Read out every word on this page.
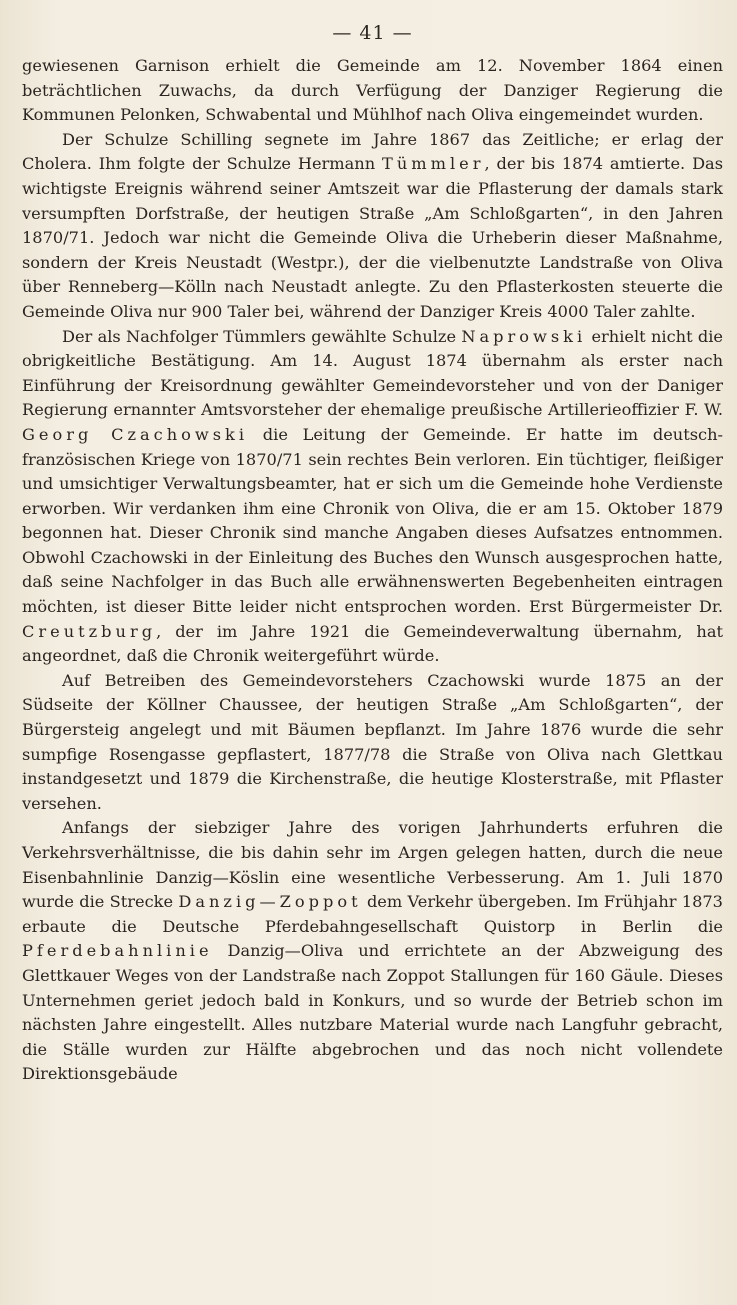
— 41 —

gewiesenen Garnison erhielt die Gemeinde am 12. November 1864 einen beträchtlichen Zuwachs, da durch Verfügung der Danziger Regierung die Kommunen Pelonken, Schwabental und Mühlhof nach Oliva eingemeindet wurden.

Der Schulze Schilling segnete im Jahre 1867 das Zeitliche; er erlag der Cholera. Ihm folgte der Schulze Hermann Tümmler, der bis 1874 amtierte. Das wichtigste Ereignis während seiner Amtszeit war die Pflasterung der damals stark versumpften Dorfstraße, der heutigen Straße „Am Schloßgarten“, in den Jahren 1870/71. Jedoch war nicht die Gemeinde Oliva die Urheberin dieser Maßnahme, sondern der Kreis Neustadt (Westpr.), der die vielbenutzte Landstraße von Oliva über Renneberg—Kölln nach Neustadt anlegte. Zu den Pflasterkosten steuerte die Gemeinde Oliva nur 900 Taler bei, während der Danziger Kreis 4000 Taler zahlte.

Der als Nachfolger Tümmlers gewählte Schulze Naprowski erhielt nicht die obrigkeitliche Bestätigung. Am 14. August 1874 übernahm als erster nach Einführung der Kreisordnung gewählter Gemeindevorsteher und von der Daniger Regierung ernannter Amtsvorsteher der ehemalige preußische Artillerieoffizier F. W. Georg Czachowski die Leitung der Gemeinde. Er hatte im deutsch-französischen Kriege von 1870/71 sein rechtes Bein verloren. Ein tüchtiger, fleißiger und umsichtiger Verwaltungsbeamter, hat er sich um die Gemeinde hohe Verdienste erworben. Wir verdanken ihm eine Chronik von Oliva, die er am 15. Oktober 1879 begonnen hat. Dieser Chronik sind manche Angaben dieses Aufsatzes entnommen. Obwohl Czachowski in der Einleitung des Buches den Wunsch ausgesprochen hatte, daß seine Nachfolger in das Buch alle erwähnenswerten Begebenheiten eintragen möchten, ist dieser Bitte leider nicht entsprochen worden. Erst Bürgermeister Dr. Creutzburg, der im Jahre 1921 die Gemeindeverwaltung übernahm, hat angeordnet, daß die Chronik weitergeführt würde.

Auf Betreiben des Gemeindevorstehers Czachowski wurde 1875 an der Südseite der Köllner Chaussee, der heutigen Straße „Am Schloßgarten“, der Bürgersteig angelegt und mit Bäumen bepflanzt. Im Jahre 1876 wurde die sehr sumpfige Rosengasse gepflastert, 1877/78 die Straße von Oliva nach Glettkau instandgesetzt und 1879 die Kirchenstraße, die heutige Klosterstraße, mit Pflaster versehen.

Anfangs der siebziger Jahre des vorigen Jahrhunderts erfuhren die Verkehrsverhältnisse, die bis dahin sehr im Argen gelegen hatten, durch die neue Eisenbahnlinie Danzig—Köslin eine wesentliche Verbesserung. Am 1. Juli 1870 wurde die Strecke Danzig—Zoppot dem Verkehr übergeben. Im Frühjahr 1873 erbaute die Deutsche Pferdebahngesellschaft Quistorp in Berlin die Pferdebahnlinie Danzig—Oliva und errichtete an der Abzweigung des Glettkauer Weges von der Landstraße nach Zoppot Stallungen für 160 Gäule. Dieses Unternehmen geriet jedoch bald in Konkurs, und so wurde der Betrieb schon im nächsten Jahre eingestellt. Alles nutzbare Material wurde nach Langfuhr gebracht, die Ställe wurden zur Hälfte abgebrochen und das noch nicht vollendete Direktionsgebäude
